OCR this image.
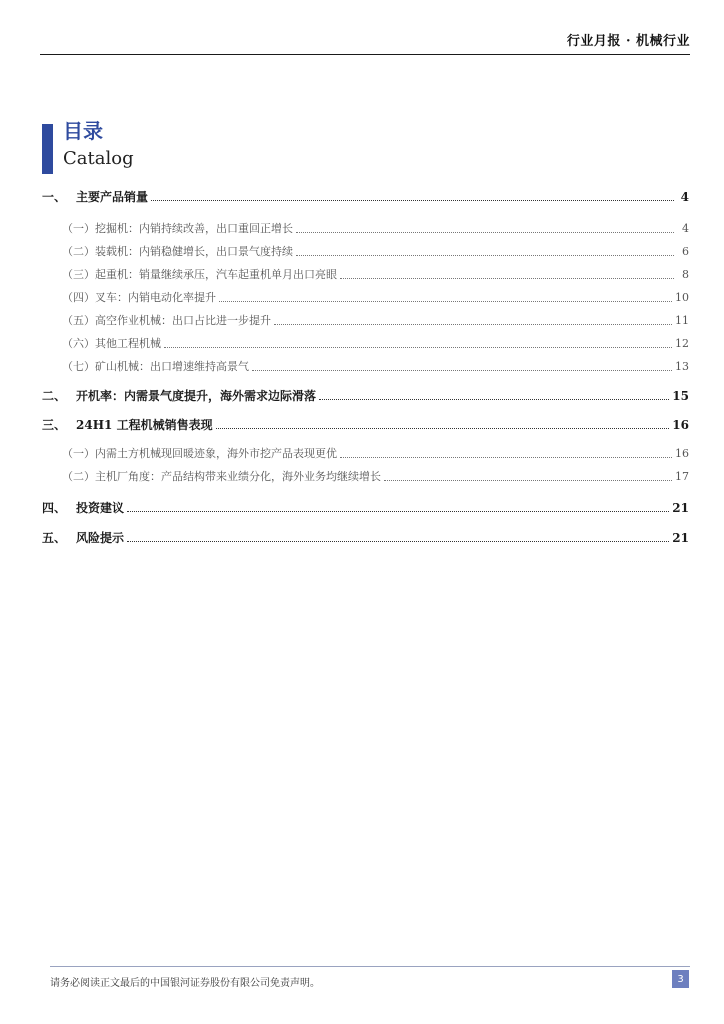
行业月报 · 机械行业
目录
Catalog
一、 主要产品销量	4
（一） 挖掘机：内销持续改善，出口重回正增长	4
（二） 装载机：内销稳健增长，出口景气度持续	6
（三） 起重机：销量继续承压，汽车起重机单月出口亮眼	8
（四） 叉车：内销电动化率提升	10
（五） 高空作业机械：出口占比进一步提升	11
（六） 其他工程机械	12
（七） 矿山机械：出口增速维持高景气	13
二、 开机率：内需景气度提升，海外需求边际滑落	15
三、 24H1 工程机械销售表现	16
（一） 内需土方机械现回暖迹象，海外市挖产品表现更优	16
（二） 主机厂角度：产品结构带来业绩分化，海外业务均继续增长	17
四、 投资建议	21
五、 风险提示	21
请务必阅读正文最后的中国银河证券股份有限公司免责声明。	3
